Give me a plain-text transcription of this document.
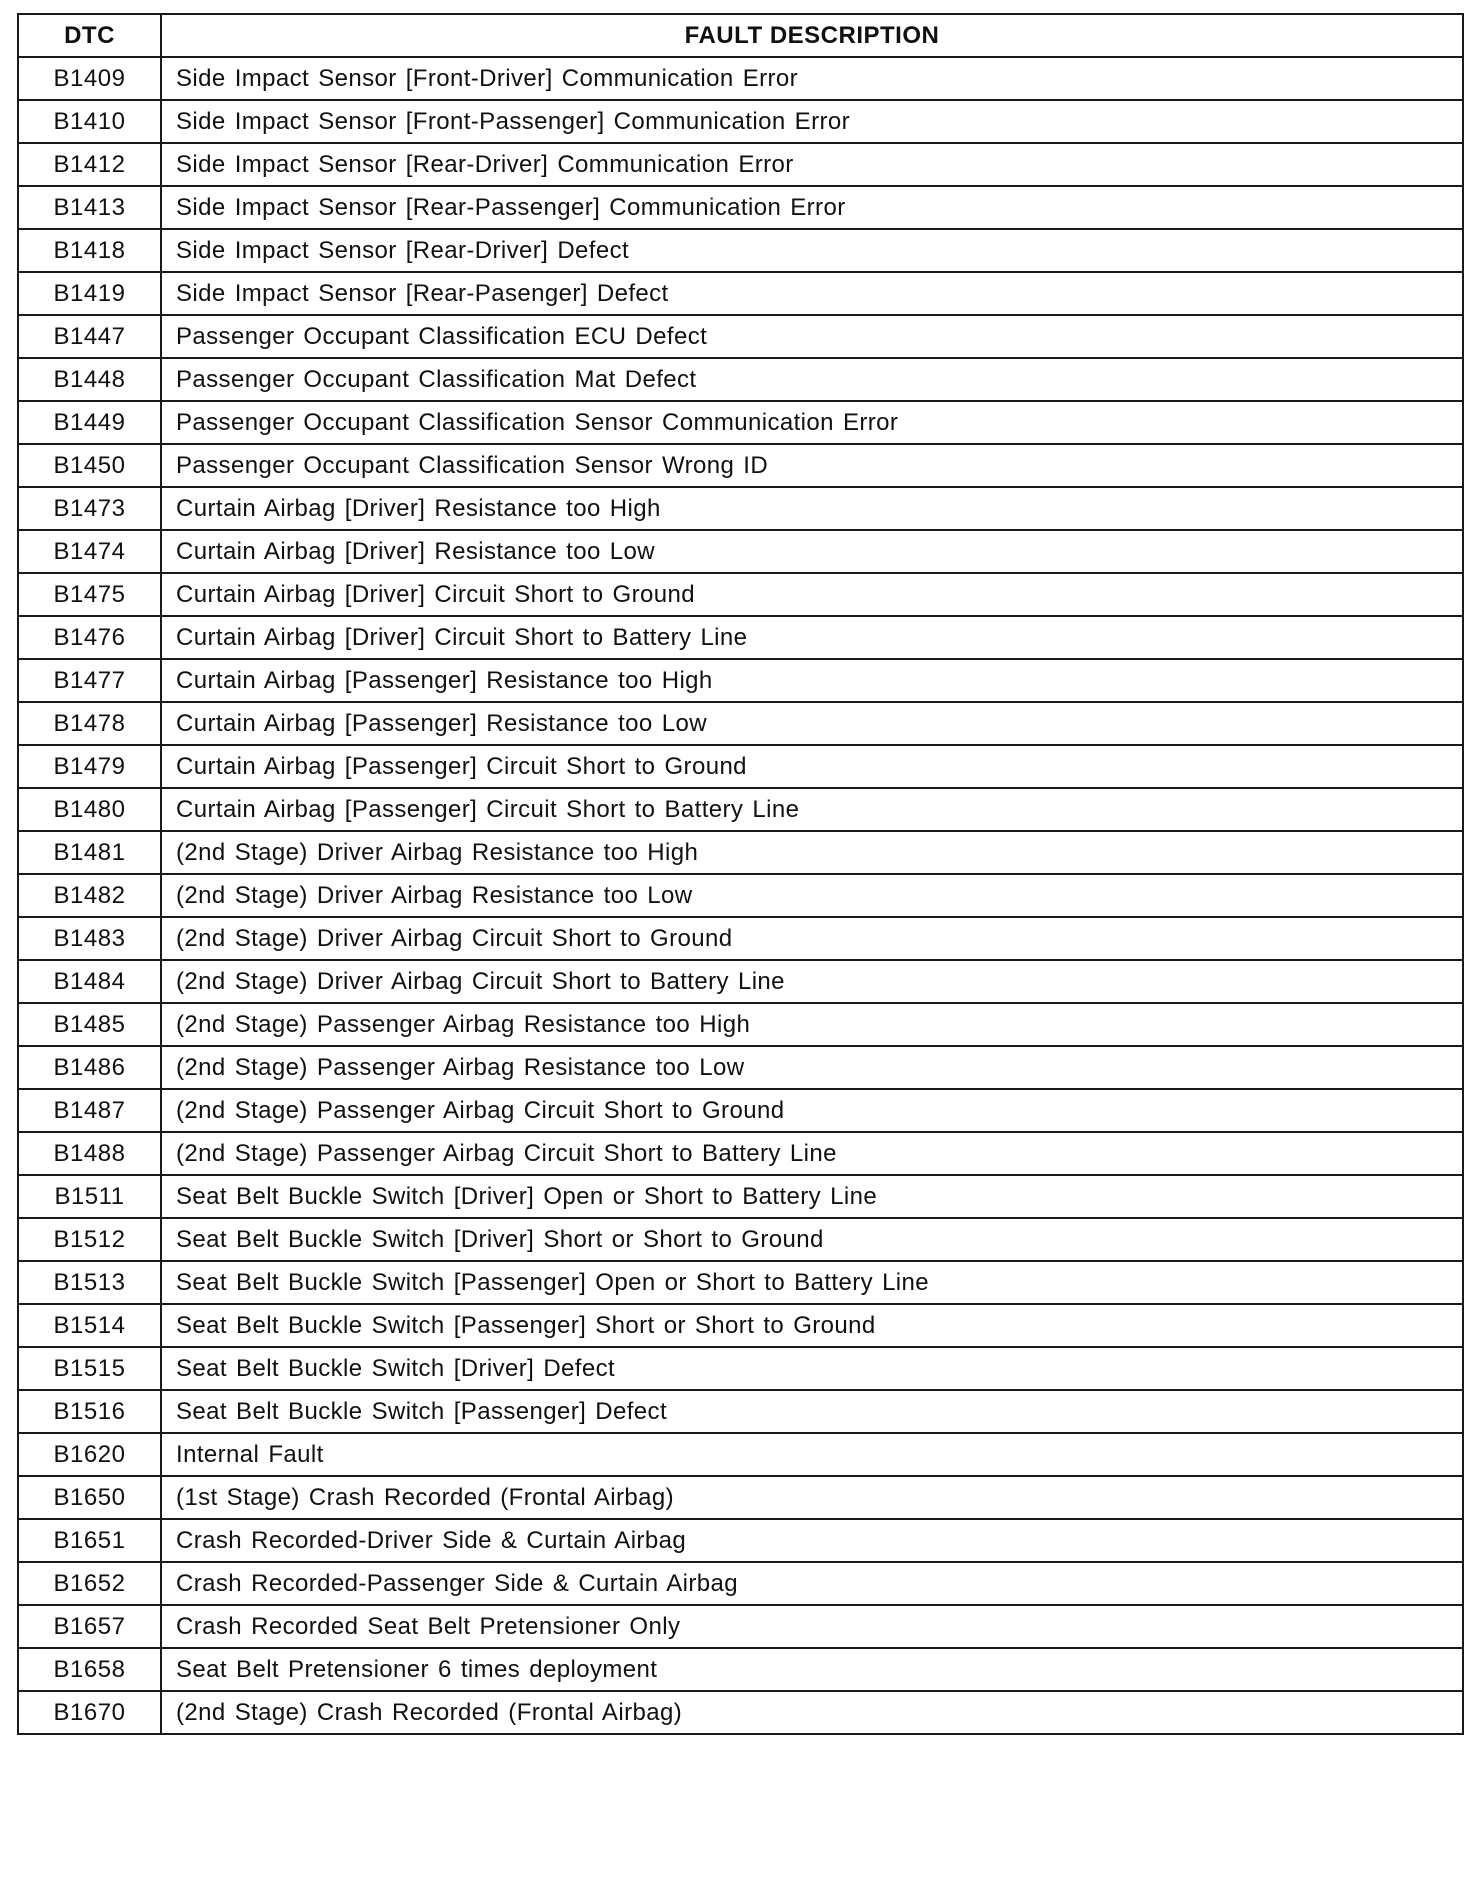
DTC	FAULT DESCRIPTION
B1409	Side Impact Sensor [Front-Driver] Communication Error
B1410	Side Impact Sensor [Front-Passenger] Communication Error
B1412	Side Impact Sensor [Rear-Driver] Communication Error
B1413	Side Impact Sensor [Rear-Passenger] Communication Error
B1418	Side Impact Sensor [Rear-Driver] Defect
B1419	Side Impact Sensor [Rear-Pasenger] Defect
B1447	Passenger Occupant Classification ECU Defect
B1448	Passenger Occupant Classification Mat Defect
B1449	Passenger Occupant Classification Sensor Communication Error
B1450	Passenger Occupant Classification Sensor Wrong ID
B1473	Curtain Airbag [Driver] Resistance too High
B1474	Curtain Airbag [Driver] Resistance too Low
B1475	Curtain Airbag [Driver] Circuit Short to Ground
B1476	Curtain Airbag [Driver] Circuit Short to Battery Line
B1477	Curtain Airbag [Passenger] Resistance too High
B1478	Curtain Airbag [Passenger] Resistance too Low
B1479	Curtain Airbag [Passenger] Circuit Short to Ground
B1480	Curtain Airbag [Passenger] Circuit Short to Battery Line
B1481	(2nd Stage) Driver Airbag Resistance too High
B1482	(2nd Stage) Driver Airbag Resistance too Low
B1483	(2nd Stage) Driver Airbag Circuit Short to Ground
B1484	(2nd Stage) Driver Airbag Circuit Short to Battery Line
B1485	(2nd Stage) Passenger Airbag Resistance too High
B1486	(2nd Stage) Passenger Airbag Resistance too Low
B1487	(2nd Stage) Passenger Airbag Circuit Short to Ground
B1488	(2nd Stage) Passenger Airbag Circuit Short to Battery Line
B1511	Seat Belt Buckle Switch [Driver] Open or Short to Battery Line
B1512	Seat Belt Buckle Switch [Driver] Short or Short to Ground
B1513	Seat Belt Buckle Switch [Passenger] Open or Short to Battery Line
B1514	Seat Belt Buckle Switch [Passenger] Short or Short to Ground
B1515	Seat Belt Buckle Switch [Driver] Defect
B1516	Seat Belt Buckle Switch [Passenger] Defect
B1620	Internal Fault
B1650	(1st Stage) Crash Recorded (Frontal Airbag)
B1651	Crash Recorded-Driver Side & Curtain Airbag
B1652	Crash Recorded-Passenger Side & Curtain Airbag
B1657	Crash Recorded Seat Belt Pretensioner Only
B1658	Seat Belt Pretensioner 6 times deployment
B1670	(2nd Stage) Crash Recorded (Frontal Airbag)
